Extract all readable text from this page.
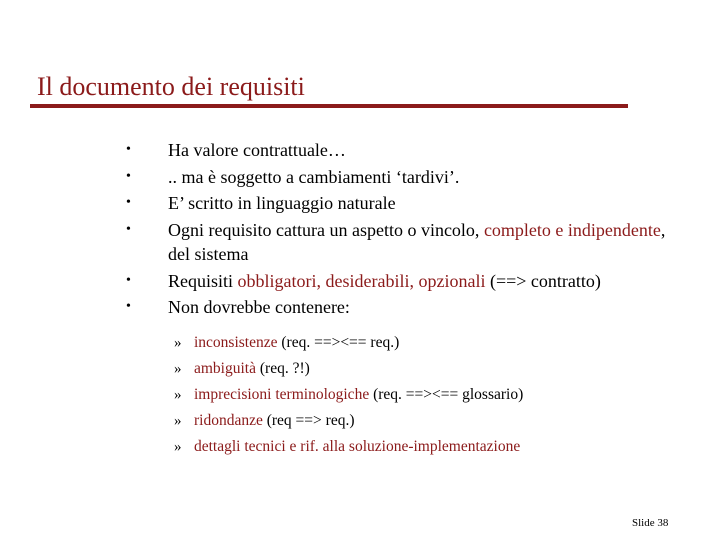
Il documento dei requisiti
• Ha valore contrattuale…
• .. ma è soggetto a cambiamenti ‘tardivi’.
• E’ scritto in linguaggio naturale
• Ogni requisito cattura un aspetto o vincolo, completo e indipendente, del sistema
• Requisiti obbligatori, desiderabili, opzionali (==> contratto)
• Non dovrebbe contenere:
» inconsistenze (req. ==><== req.)
» ambiguità (req. ?!)
» imprecisioni terminologiche (req. ==><== glossario)
» ridondanze (req ==> req.)
» dettagli tecnici e rif. alla soluzione-implementazione
Slide 38
